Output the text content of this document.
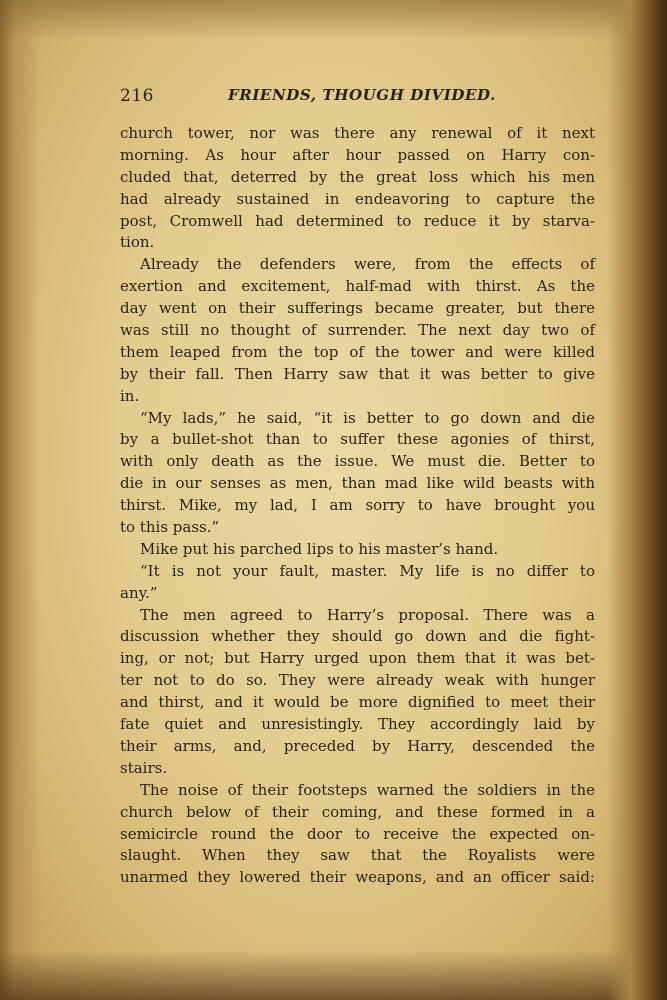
216	FRIENDS, THOUGH DIVIDED.
church tower, nor was there any renewal of it next
morning. As hour after hour passed on Harry con-
cluded that, deterred by the great loss which his men
had already sustained in endeavoring to capture the
post, Cromwell had determined to reduce it by starva-
tion.
Already the defenders were, from the effects of
exertion and excitement, half-mad with thirst. As the
day went on their sufferings became greater, but there
was still no thought of surrender. The next day two of
them leaped from the top of the tower and were killed
by their fall. Then Harry saw that it was better to give
in.
“My lads,” he said, “it is better to go down and die
by a bullet-shot than to suffer these agonies of thirst,
with only death as the issue. We must die. Better to
die in our senses as men, than mad like wild beasts with
thirst. Mike, my lad, I am sorry to have brought you
to this pass.”
Mike put his parched lips to his master’s hand.
“It is not your fault, master. My life is no differ to
any.”
The men agreed to Harry’s proposal. There was a
discussion whether they should go down and die fight-
ing, or not; but Harry urged upon them that it was bet-
ter not to do so. They were already weak with hunger
and thirst, and it would be more dignified to meet their
fate quiet and unresistingly. They accordingly laid by
their arms, and, preceded by Harry, descended the
stairs.
The noise of their footsteps warned the soldiers in the
church below of their coming, and these formed in a
semicircle round the door to receive the expected on-
slaught. When they saw that the Royalists were
unarmed they lowered their weapons, and an officer said:
